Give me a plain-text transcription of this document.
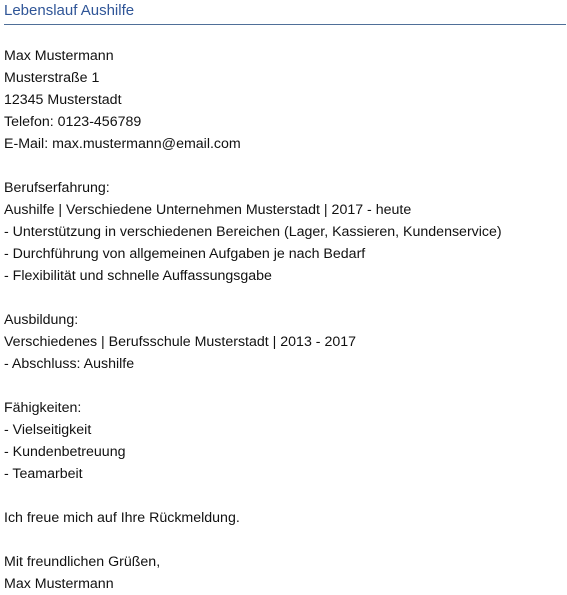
Lebenslauf Aushilfe
Max Mustermann
Musterstraße 1
12345 Musterstadt
Telefon: 0123-456789
E-Mail: max.mustermann@email.com
Berufserfahrung:
Aushilfe | Verschiedene Unternehmen Musterstadt | 2017 - heute
- Unterstützung in verschiedenen Bereichen (Lager, Kassieren, Kundenservice)
- Durchführung von allgemeinen Aufgaben je nach Bedarf
- Flexibilität und schnelle Auffassungsgabe
Ausbildung:
Verschiedenes | Berufsschule Musterstadt | 2013 - 2017
- Abschluss: Aushilfe
Fähigkeiten:
- Vielseitigkeit
- Kundenbetreuung
- Teamarbeit
Ich freue mich auf Ihre Rückmeldung.
Mit freundlichen Grüßen,
Max Mustermann
